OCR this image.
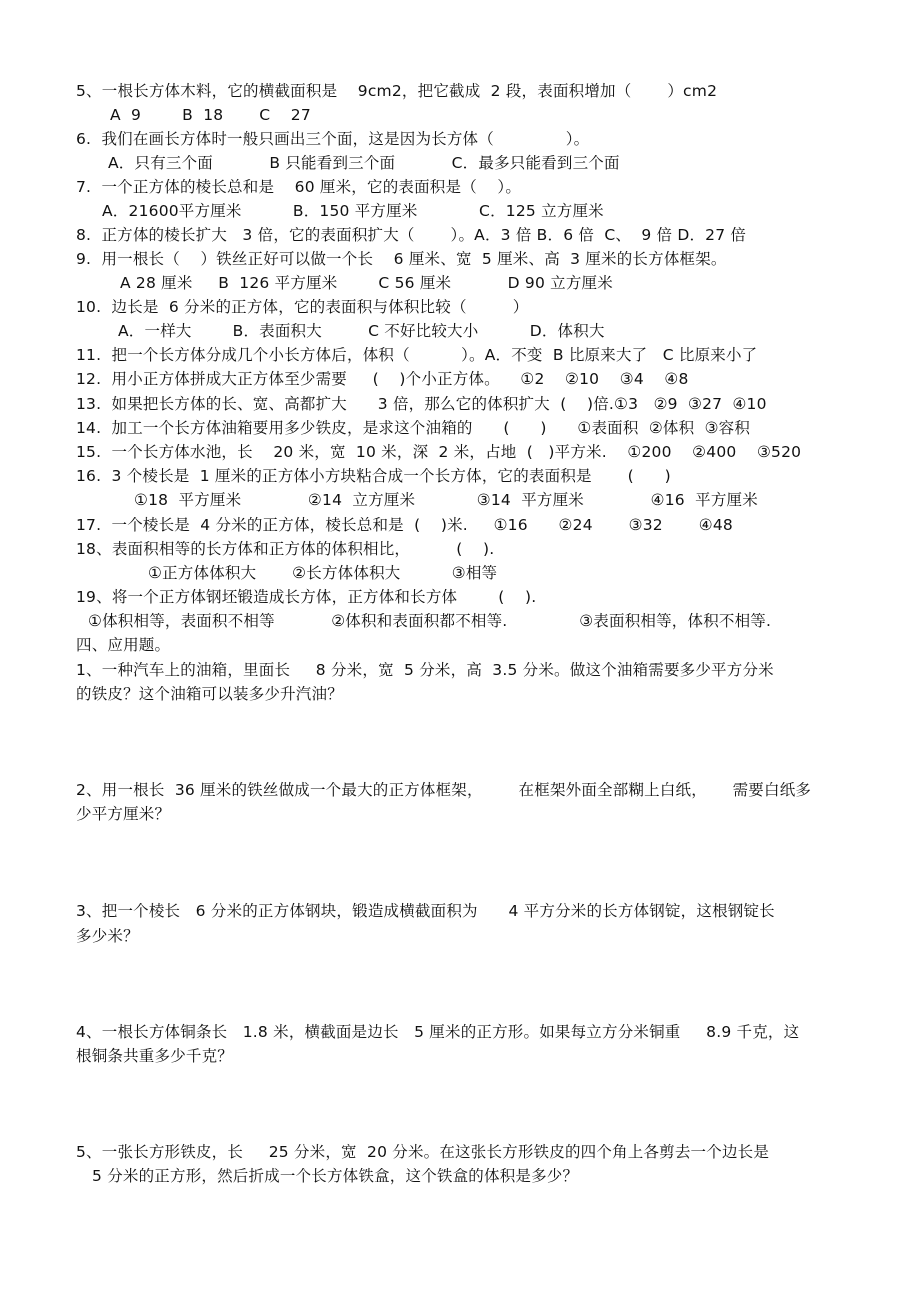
5、一根长方体木料，它的横截面积是    9cm2，把它截成  2 段，表面积增加（       ）cm2
A  9        B  18       C    27
6.  我们在画长方体时一般只画出三个面，这是因为长方体（              ）。
A．只有三个面           B 只能看到三个面           C．最多只能看到三个面
7.  一个正方体的棱长总和是    60 厘米，它的表面积是（    ）。
A．21600平方厘米          B．150 平方厘米            C．125 立方厘米
8.  正方体的棱长扩大   3 倍，它的表面积扩大（       ）。A．3 倍 B．6 倍  C、  9 倍 D．27 倍
9.  用一根长（    ）铁丝正好可以做一个长    6 厘米、宽  5 厘米、高  3 厘米的长方体框架。
A 28 厘米     B  126 平方厘米        C 56 厘米           D 90 立方厘米
10.  边长是  6 分米的正方体，它的表面积与体积比较（         ）
A．一样大        B．表面积大         C 不好比较大小          D．体积大
11.  把一个长方体分成几个小长方体后，体积（          ）。A．不变  B 比原来大了   C 比原来小了
12.  用小正方体拼成大正方体至少需要     (    )个小正方体。    ①2    ②10    ③4    ④8
13.  如果把长方体的长、宽、高都扩大      3 倍，那么它的体积扩大  (    )倍.①3   ②9  ③27  ④10
14.  加工一个长方体油箱要用多少铁皮，是求这个油箱的      (      )      ①表面积  ②体积  ③容积
15.  一个长方体水池，长    20 米，宽  10 米，深  2 米，占地  (   )平方米.    ①200    ②400    ③520
16.  3 个棱长是  1 厘米的正方体小方块粘合成一个长方体，它的表面积是       (      )
①18  平方厘米             ②14  立方厘米            ③14  平方厘米             ④16  平方厘米
17.  一个棱长是  4 分米的正方体，棱长总和是  (    )米.     ①16      ②24       ③32       ④48
18、表面积相等的长方体和正方体的体积相比，         (    ).
①正方体体积大       ②长方体体积大          ③相等
19、将一个正方体钢坯锻造成长方体，正方体和长方体        (    ).
①体积相等，表面积不相等           ②体积和表面积都不相等.              ③表面积相等，体积不相等.
四、应用题。
1、一种汽车上的油箱，里面长     8 分米，宽  5 分米，高  3.5 分米。做这个油箱需要多少平方分米
的铁皮？这个油箱可以装多少升汽油？
2、用一根长  36 厘米的铁丝做成一个最大的正方体框架，       在框架外面全部糊上白纸，     需要白纸多
少平方厘米？
3、把一个棱长   6 分米的正方体钢块，锻造成横截面积为      4 平方分米的长方体钢锭，这根钢锭长
多少米？
4、一根长方体铜条长   1.8 米，横截面是边长   5 厘米的正方形。如果每立方分米铜重     8.9 千克，这
根铜条共重多少千克？
5、一张长方形铁皮，长     25 分米，宽  20 分米。在这张长方形铁皮的四个角上各剪去一个边长是
5 分米的正方形，然后折成一个长方体铁盒，这个铁盒的体积是多少？
